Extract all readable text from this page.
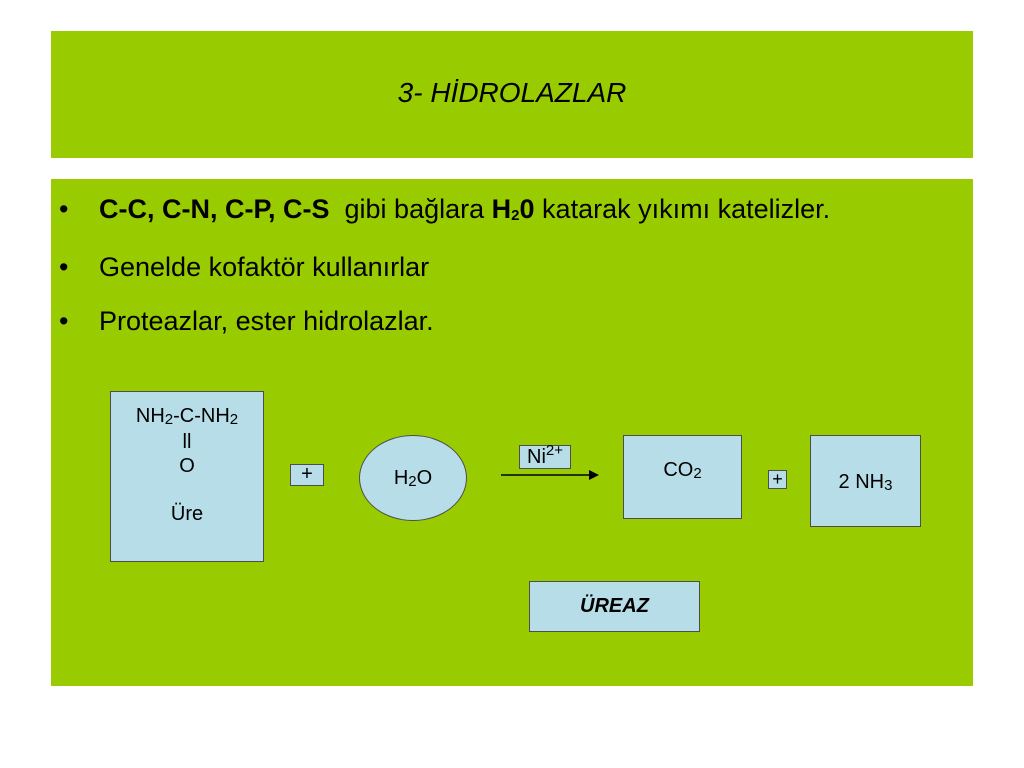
3- HİDROLAZLAR
• C-C, C-N, C-P, C-S gibi bağlara H20 katarak yıkımı katelizler.
• Genelde kofaktör kullanırlar
• Proteazlar, ester hidrolazlar.
NH2-C-NH2
ll
O
Üre
+	H2O
$Ni^{2+}$
CO2	+	2 NH3
ÜREAZ
